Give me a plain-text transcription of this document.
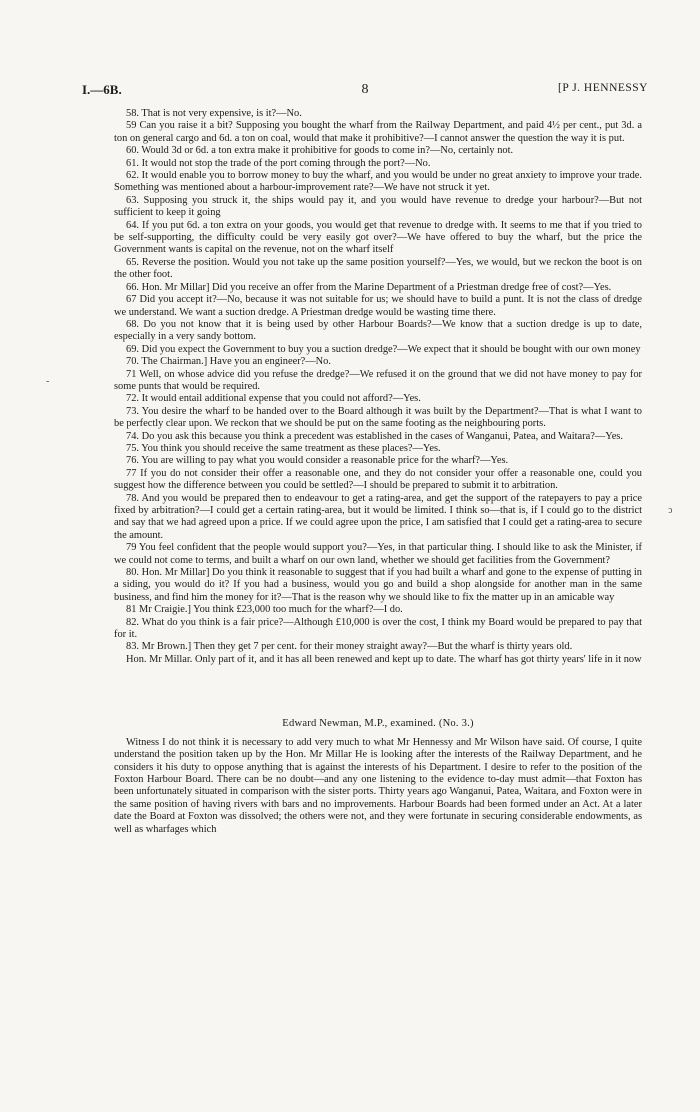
I.—6B.	8	[P J. HENNESSY

58. That is not very expensive, is it?—No.

59 Can you raise it a bit? Supposing you bought the wharf from the Railway Department, and paid 4½ per cent., put 3d. a ton on general cargo and 6d. a ton on coal, would that make it prohibitive?—I cannot answer the question the way it is put.

60. Would 3d or 6d. a ton extra make it prohibitive for goods to come in?—No, certainly not.

61. It would not stop the trade of the port coming through the port?—No.

62. It would enable you to borrow money to buy the wharf, and you would be under no great anxiety to improve your trade. Something was mentioned about a harbour-improvement rate?—We have not struck it yet.

63. Supposing you struck it, the ships would pay it, and you would have revenue to dredge your harbour?—But not sufficient to keep it going

64. If you put 6d. a ton extra on your goods, you would get that revenue to dredge with. It seems to me that if you tried to be self-supporting, the difficulty could be very easily got over?—We have offered to buy the wharf, but the price the Government wants is capital on the revenue, not on the wharf itself

65. Reverse the position. Would you not take up the same position yourself?—Yes, we would, but we reckon the boot is on the other foot.

66. Hon. Mr Millar] Did you receive an offer from the Marine Department of a Priestman dredge free of cost?—Yes.

67 Did you accept it?—No, because it was not suitable for us; we should have to build a punt. It is not the class of dredge we understand. We want a suction dredge. A Priestman dredge would be wasting time there.

68. Do you not know that it is being used by other Harbour Boards?—We know that a suction dredge is up to date, especially in a very sandy bottom.

69. Did you expect the Government to buy you a suction dredge?—We expect that it should be bought with our own money

70. The Chairman.] Have you an engineer?—No.

71 Well, on whose advice did you refuse the dredge?—We refused it on the ground that we did not have money to pay for some punts that would be required.

72. It would entail additional expense that you could not afford?—Yes.

73. You desire the wharf to be handed over to the Board although it was built by the Department?—That is what I want to be perfectly clear upon. We reckon that we should be put on the same footing as the neighbouring ports.

74. Do you ask this because you think a precedent was established in the cases of Wanganui, Patea, and Waitara?—Yes.

75. You think you should receive the same treatment as these places?—Yes.

76. You are willing to pay what you would consider a reasonable price for the wharf?—Yes.

77 If you do not consider their offer a reasonable one, and they do not consider your offer a reasonable one, could you suggest how the difference between you could be settled?—I should be prepared to submit it to arbitration.

78. And you would be prepared then to endeavour to get a rating-area, and get the support of the ratepayers to pay a price fixed by arbitration?—I could get a certain rating-area, but it would be limited. I think so—that is, if I could go to the district and say that we had agreed upon a price. If we could agree upon the price, I am satisfied that I could get a rating-area to secure the amount.

79 You feel confident that the people would support you?—Yes, in that particular thing. I should like to ask the Minister, if we could not come to terms, and built a wharf on our own land, whether we should get facilities from the Government?

80. Hon. Mr Millar] Do you think it reasonable to suggest that if you had built a wharf and gone to the expense of putting in a siding, you would do it? If you had a business, would you go and build a shop alongside for another man in the same business, and find him the money for it?—That is the reason why we should like to fix the matter up in an amicable way

81 Mr Craigie.] You think £23,000 too much for the wharf?—I do.

82. What do you think is a fair price?—Although £10,000 is over the cost, I think my Board would be prepared to pay that for it.

83. Mr Brown.] Then they get 7 per cent. for their money straight away?—But the wharf is thirty years old.

Hon. Mr Millar. Only part of it, and it has all been renewed and kept up to date. The wharf has got thirty years' life in it now

Edward Newman, M.P., examined. (No. 3.)

Witness I do not think it is necessary to add very much to what Mr Hennessy and Mr Wilson have said. Of course, I quite understand the position taken up by the Hon. Mr Millar He is looking after the interests of the Railway Department, and he considers it his duty to oppose anything that is against the interests of his Department. I desire to refer to the position of the Foxton Harbour Board. There can be no doubt—and any one listening to the evidence to-day must admit—that Foxton has been unfortunately situated in comparison with the sister ports. Thirty years ago Wanganui, Patea, Waitara, and Foxton were in the same position of having rivers with bars and no improvements. Harbour Boards had been formed under an Act. At a later date the Board at Foxton was dissolved; the others were not, and they were fortunate in securing considerable endowments, as well as wharfages which

-
ↄ
